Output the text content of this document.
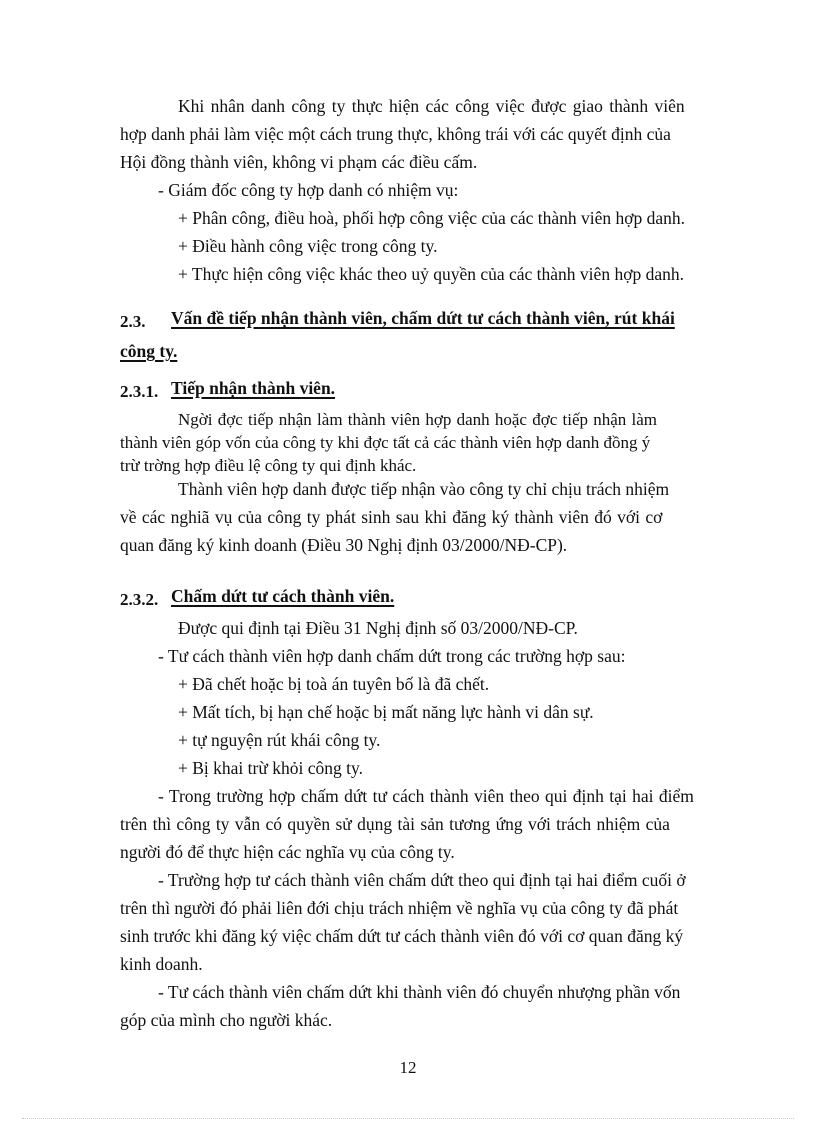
Khi nhân danh công ty thực hiện các công việc được giao thành viên
hợp danh phải làm việc một cách trung thực, không trái với các quyết định của
Hội đồng thành viên, không vi phạm các điều cấm.
- Giám đốc công ty hợp danh có nhiệm vụ:
+ Phân công, điều hoà, phối hợp công việc của các thành viên hợp danh.
+ Điều hành công việc trong công ty.
+ Thực hiện công việc khác theo uỷ quyền của các thành viên hợp danh.
2.3. Vấn đề tiếp nhận thành viên, chấm dứt tư cách thành viên, rút khái
công ty.
2.3.1. Tiếp nhận thành viên.
Ngời đợc tiếp nhận làm thành viên hợp danh hoặc đợc tiếp nhận làm
thành viên góp vốn của công ty khi đợc tất cả các thành viên hợp danh đồng ý
trừ trờng hợp điều lệ công ty qui định khác.
Thành viên hợp danh được tiếp nhận vào công ty chỉ chịu trách nhiệm
về các nghiã vụ của công ty phát sinh sau khi đăng ký thành viên đó với cơ
quan đăng ký kinh doanh (Điều 30 Nghị định 03/2000/NĐ-CP).
2.3.2. Chấm dứt tư cách thành viên.
Được qui định tại Điều 31 Nghị định số 03/2000/NĐ-CP.
- Tư cách thành viên hợp danh chấm dứt trong các trường hợp sau:
+ Đã chết hoặc bị toà án tuyên bố là đã chết.
+ Mất tích, bị hạn chế hoặc bị mất năng lực hành vi dân sự.
+ tự nguyện rút khái công ty.
+ Bị khai trừ khỏi công ty.
- Trong trường hợp chấm dứt tư cách thành viên theo qui định tại hai điểm
trên thì công ty vẫn có quyền sử dụng tài sản tương ứng với trách nhiệm của
người đó để thực hiện các nghĩa vụ của công ty.
- Trường hợp tư cách thành viên chấm dứt theo qui định tại hai điểm cuối ở
trên thì người đó phải liên đới chịu trách nhiệm về nghĩa vụ của công ty đã phát
sinh trước khi đăng ký việc chấm dứt tư cách thành viên đó với cơ quan đăng ký
kinh doanh.
- Tư cách thành viên chấm dứt khi thành viên đó chuyển nhượng phần vốn
góp của mình cho người khác.
12
